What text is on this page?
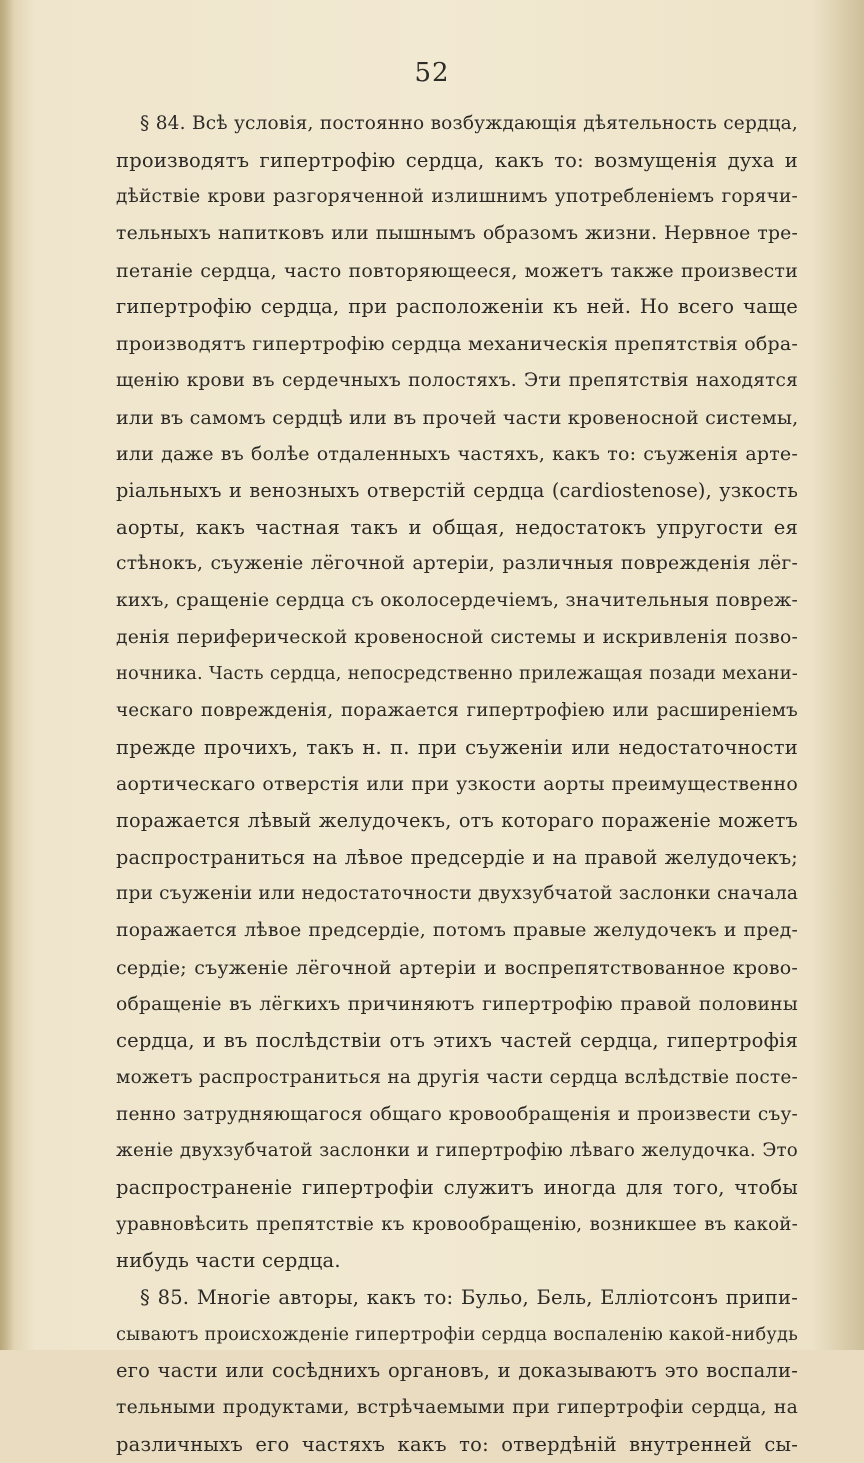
52
§ 84. Всѣ условія, постоянно возбуждающія дѣятельность сердца,
производятъ гипертрофію сердца, какъ то: возмущенія духа и
дѣйствіе крови разгоряченной излишнимъ употребленіемъ горячи-
тельныхъ напитковъ или пышнымъ образомъ жизни. Нервное тре-
петаніе сердца, часто повторяющееся, можетъ также произвести
гипертрофію сердца, при расположеніи къ ней. Но всего чаще
производятъ гипертрофію сердца механическія препятствія обра-
щенію крови въ сердечныхъ полостяхъ. Эти препятствія находятся
или въ самомъ сердцѣ или въ прочей части кровеносной системы,
или даже въ болѣе отдаленныхъ частяхъ, какъ то: съуженія арте-
ріальныхъ и венозныхъ отверстій сердца (cardiostenose), узкость
аорты, какъ частная такъ и общая, недостатокъ упругости ея
стѣнокъ, съуженіе лёгочной артеріи, различныя поврежденія лёг-
кихъ, сращеніе сердца съ околосердечіемъ, значительныя повреж-
денія периферической кровеносной системы и искривленія позво-
ночника. Часть сердца, непосредственно прилежащая позади механи-
ческаго поврежденія, поражается гипертрофіею или расширеніемъ
прежде прочихъ, такъ н. п. при съуженіи или недостаточности
аортическаго отверстія или при узкости аорты преимущественно
поражается лѣвый желудочекъ, отъ котораго пораженіе можетъ
распространиться на лѣвое предсердіе и на правой желудочекъ;
при съуженіи или недостаточности двухзубчатой заслонки сначала
поражается лѣвое предсердіе, потомъ правые желудочекъ и пред-
сердіе; съуженіе лёгочной артеріи и воспрепятствованное крово-
обращеніе въ лёгкихъ причиняютъ гипертрофію правой половины
сердца, и въ послѣдствіи отъ этихъ частей сердца, гипертрофія
можетъ распространиться на другія части сердца вслѣдствіе посте-
пенно затрудняющагося общаго кровообращенія и произвести съу-
женіе двухзубчатой заслонки и гипертрофію лѣваго желудочка. Это
распространеніе гипертрофіи служитъ иногда для того, чтобы
уравновѣсить препятствіе къ кровообращенію, возникшее въ какой-
нибудь части сердца.
§ 85. Многіе авторы, какъ то: Бульо, Бель, Еллiотсонъ припи-
сываютъ происхожденіе гипертрофіи сердца воспаленію какой-нибудь
его части или сосѣднихъ органовъ, и доказываютъ это воспали-
тельными продуктами, встрѣчаемыми при гипертрофіи сердца, на
различныхъ его частяхъ какъ то: отвердѣній внутренней сы-
